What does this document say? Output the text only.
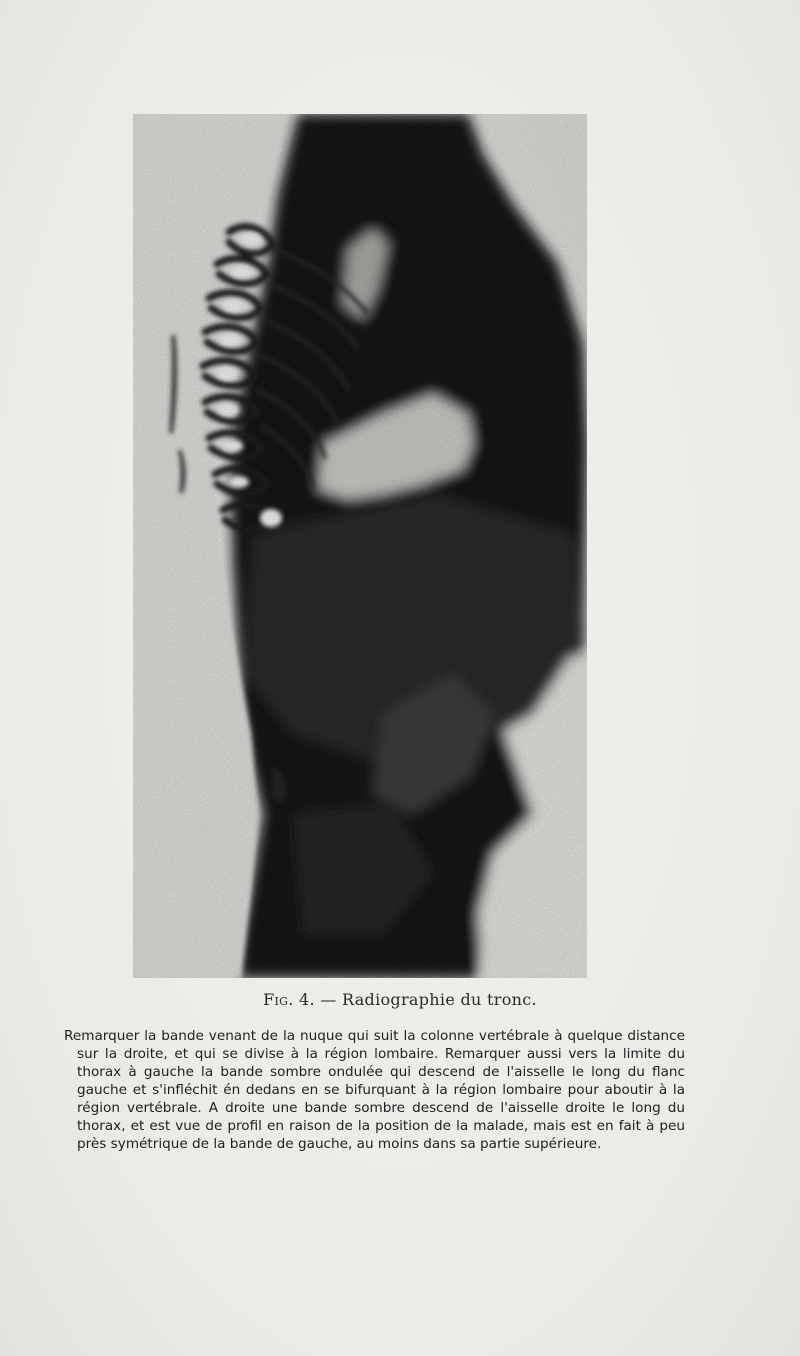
Fig. 4. — Radiographie du tronc.
Remarquer la bande venant de la nuque qui suit la colonne vertébrale à quelque distance sur la droite, et qui se divise à la région lombaire. Remarquer aussi vers la limite du thorax à gauche la bande sombre ondulée qui descend de l'aisselle le long du flanc gauche et s'infléchit én dedans en se bifurquant à la région lombaire pour aboutir à la région vertébrale. A droite une bande sombre descend de l'aisselle droite le long du thorax, et est vue de profil en raison de la position de la malade, mais est en fait à peu près symétrique de la bande de gauche, au moins dans sa partie supérieure.
